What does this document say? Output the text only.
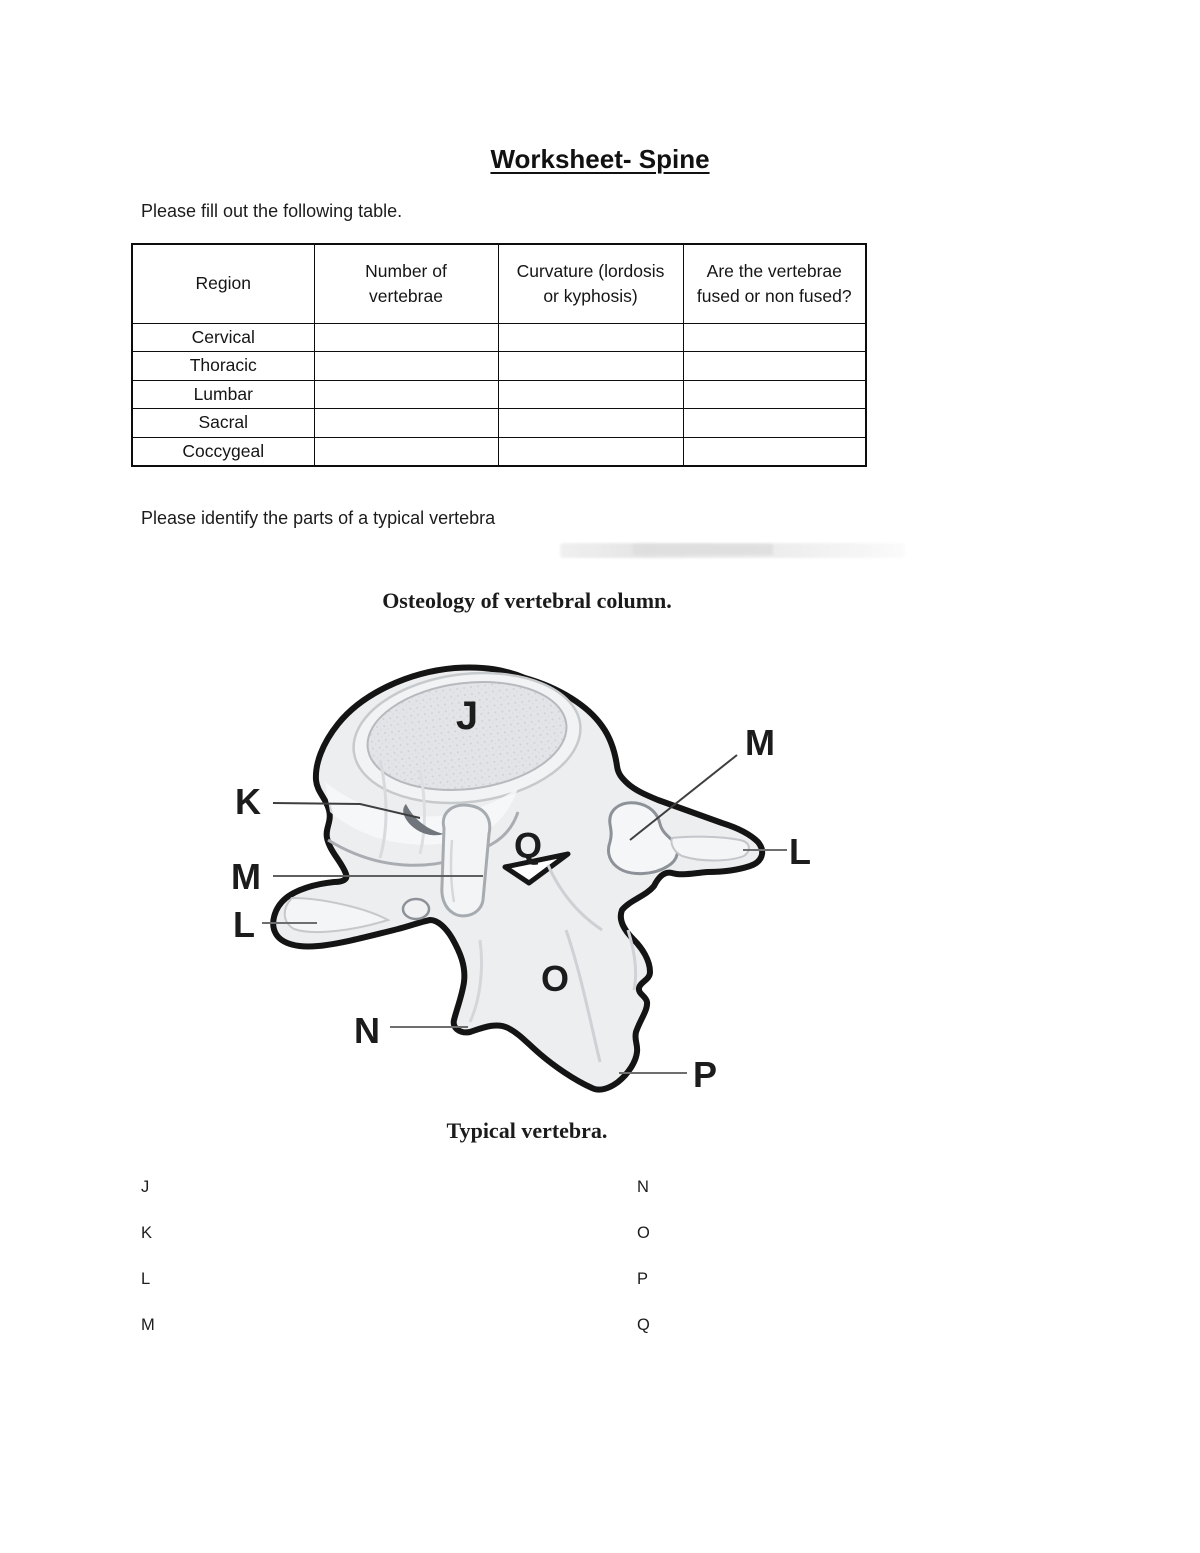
Worksheet- Spine
Please fill out the following table.
Region	Number of vertebrae	Curvature (lordosis or kyphosis)	Are the vertebrae fused or non fused?
Cervical			
Thoracic			
Lumbar			
Sacral			
Coccygeal			
Please identify the parts of a typical vertebra
Osteology of vertebral column.
J
K
M
L
Q
M
L
O
N
P
Typical vertebra.
J
K
L
M
N
O
P
Q
